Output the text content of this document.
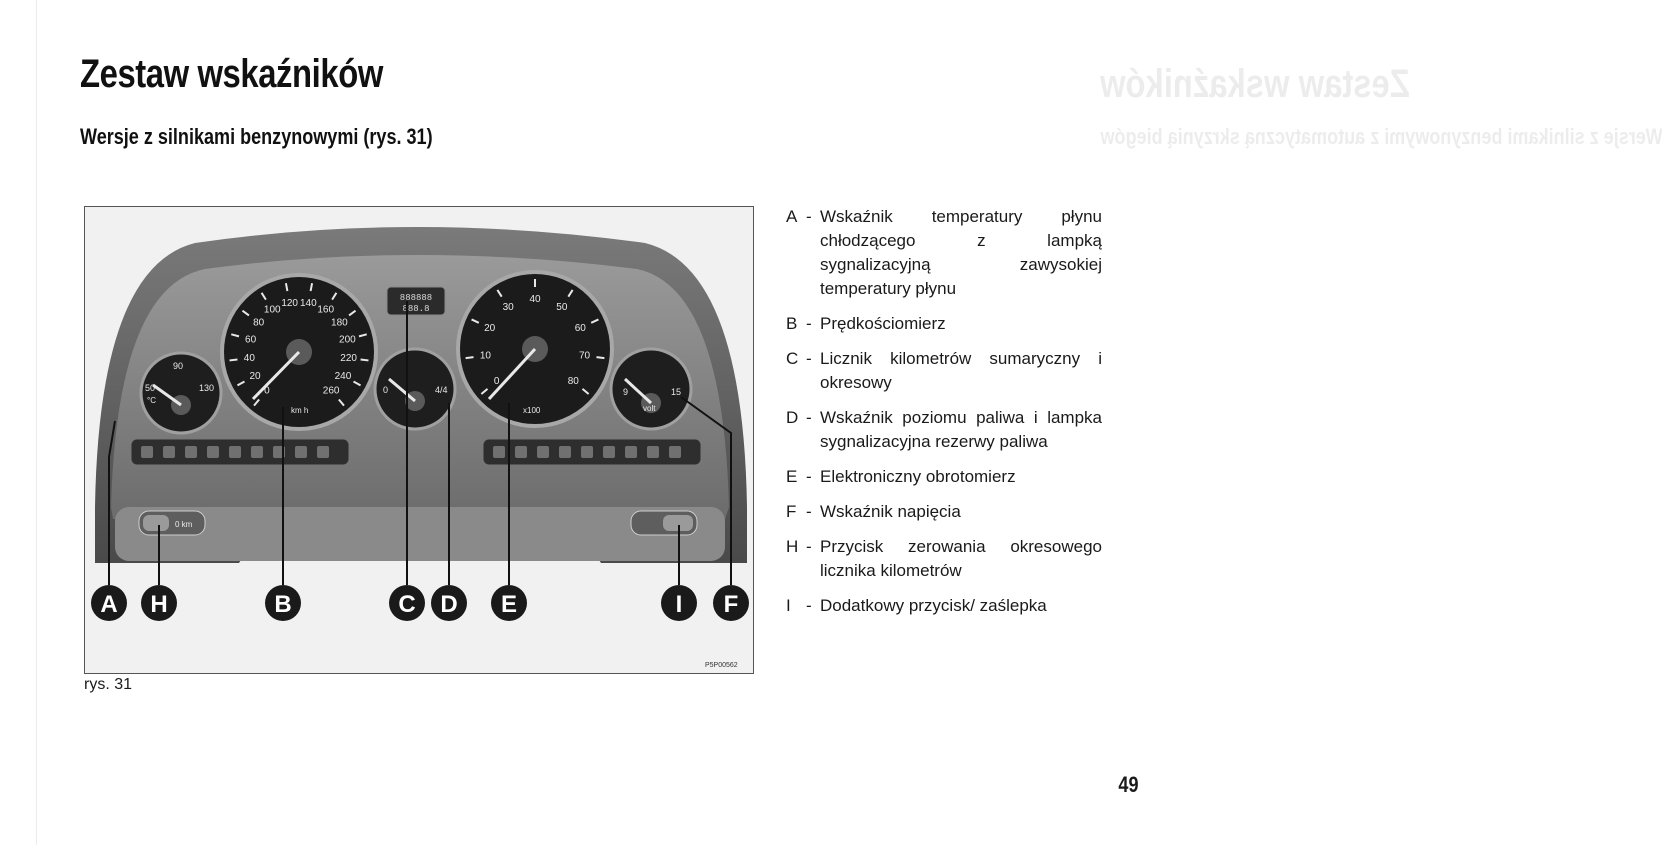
Zestaw wskaźników
Wersje z silnikami benzynowymi z automatyczną skrzynią biegów
Zestaw wskaźników
Wersje z silnikami benzynowymi (rys. 31)
50
90
130
°C
0
20
40
60
80
100
120 140
160
180
200
220
240
260
km h
888888
888.8
0	4/4
0
10
20
30
40
50
60
70
80
x100
9	15
volt
0 km
A H	B	C D E	I F
P5P00562
rys. 31
A - Wskaźnik temperatury płynu chłodzącego z lampką sygnalizacyjną zawysokiej temperatury płynu
B - Prędkościomierz
C - Licznik kilometrów sumaryczny i okresowy
D - Wskaźnik poziomu paliwa i lampka sygnalizacyjna rezerwy paliwa
E - Elektroniczny obrotomierz
F - Wskaźnik napięcia
H - Przycisk zerowania okresowego licznika kilometrów
I - Dodatkowy przycisk/ zaślepka
49
